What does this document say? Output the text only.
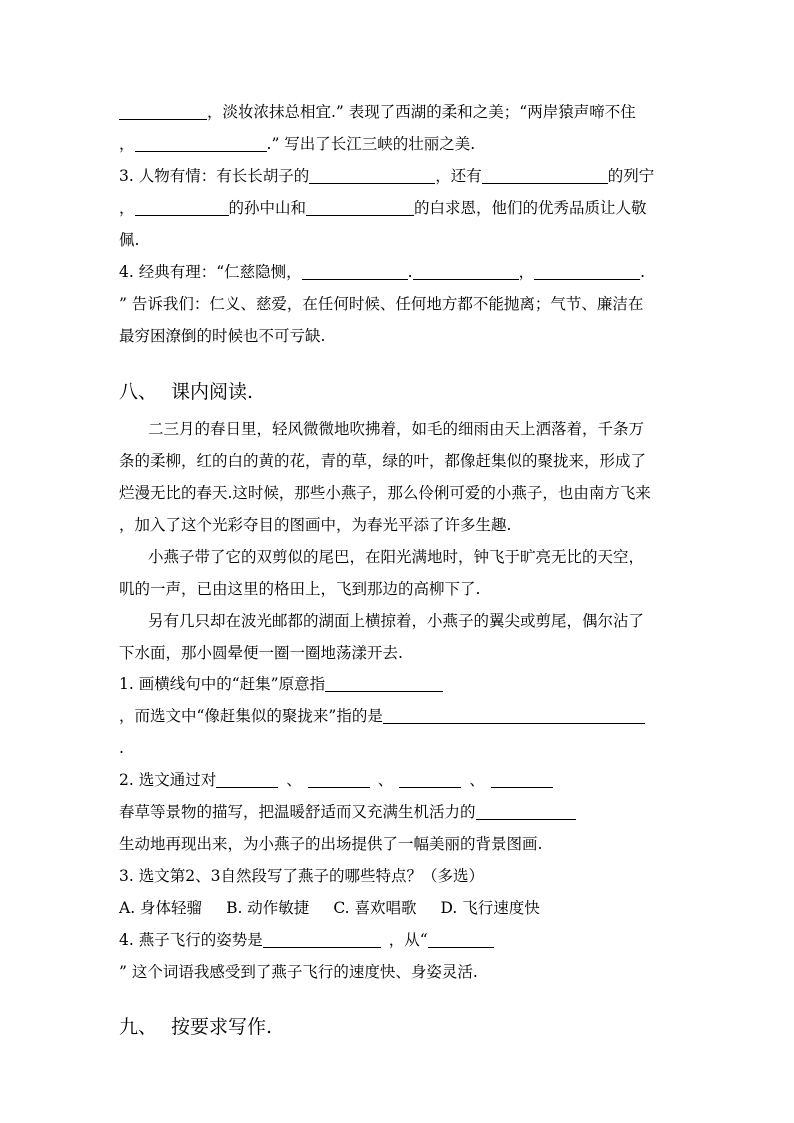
，淡妆浓抹总相宜.” 表现了西湖的柔和之美；“两岸猿声啼不住
，	.” 写出了长江三峡的壮丽之美.
3. 人物有情：有长长胡子的	，还有	的列宁
，	的孙中山和	的白求恩，他们的优秀品质让人敬
佩.
4. 经典有理：“仁慈隐恻，	.	，	.
” 告诉我们：仁义、慈爱，在任何时候、任何地方都不能抛离；气节、廉洁在
最穷困潦倒的时候也不可亏缺.
八、 课内阅读.
二三月的春日里，轻风微微地吹拂着，如毛的细雨由天上洒落着，千条万
条的柔柳，红的白的黄的花，青的草，绿的叶，都像赶集似的聚拢来，形成了
烂漫无比的春天.这时候，那些小燕子，那么伶俐可爱的小燕子，也由南方飞来
，加入了这个光彩夺目的图画中，为春光平添了许多生趣.
小燕子带了它的双剪似的尾巴，在阳光满地时，钟飞于旷亮无比的天空，
叽的一声，已由这里的格田上，飞到那边的高柳下了.
另有几只却在波光邮都的湖面上横掠着，小燕子的翼尖或剪尾，偶尔沾了
下水面，那小圆晕便一圈一圈地荡漾开去.
1. 画横线句中的“赶集”原意指
，而选文中“像赶集似的聚拢来”指的是
.
2. 选文通过对	、	、	、
春草等景物的描写，把温暖舒适而又充满生机活力的
生动地再现出来，为小燕子的出场提供了一幅美丽的背景图画.
3. 选文第2、3自然段写了燕子的哪些特点？（多选）
A. 身体轻骝 B. 动作敏捷 C. 喜欢唱歌 D. 飞行速度快
4. 燕子飞行的姿势是	，从“
” 这个词语我感受到了燕子飞行的速度快、身姿灵活.
九、 按要求写作.
